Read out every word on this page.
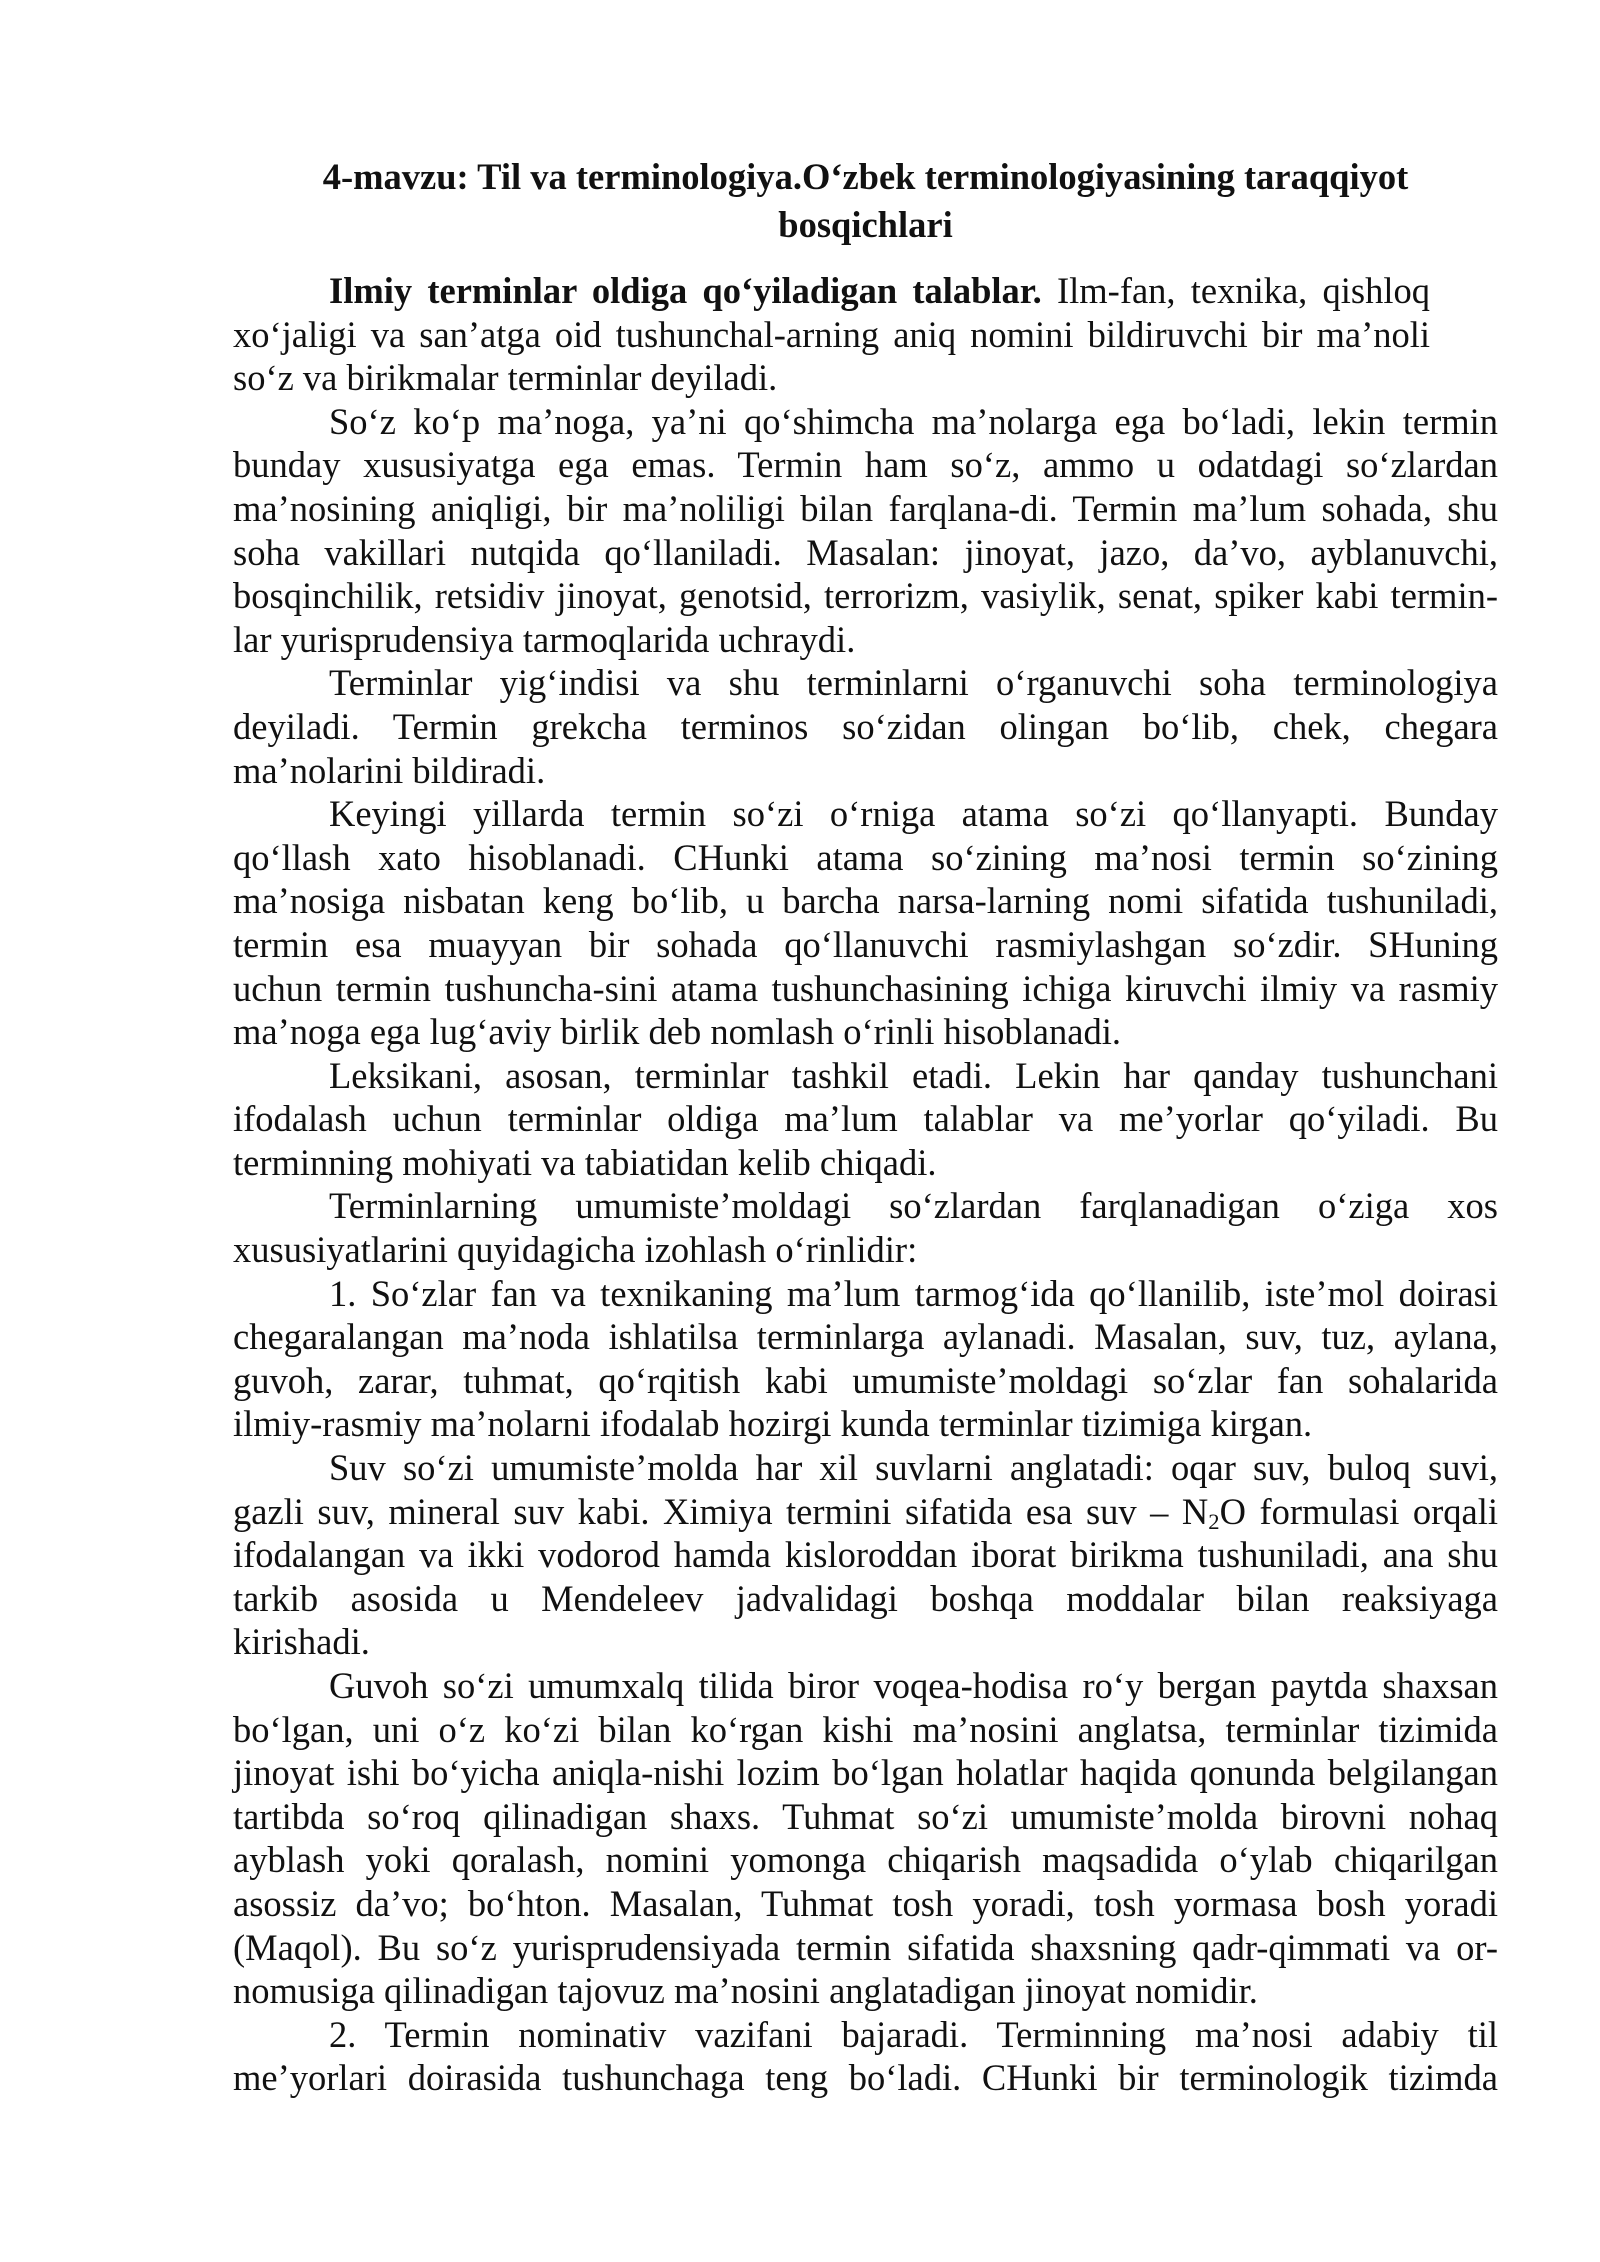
4-mavzu: Til va terminologiya.O‘zbek terminologiyasining taraqqiyot
bosqichlari
Ilmiy terminlar oldiga qo‘yiladigan talablar. Ilm-fan, texnika, qishloq
xo‘jaligi va san’atga oid tushunchal-arning aniq nomini bildiruvchi bir ma’noli
so‘z va birikmalar terminlar deyiladi.
So‘z ko‘p ma’noga, ya’ni qo‘shimcha ma’nolarga ega bo‘ladi, lekin termin
bunday xususiyatga ega emas. Termin ham so‘z, ammo u odatdagi so‘zlardan
ma’nosining aniqligi, bir ma’noliligi bilan farqlana-di. Termin ma’lum sohada, shu
soha vakillari nutqida qo‘llaniladi. Masalan: jinoyat, jazo, da’vo, ayblanuvchi,
bosqinchilik, retsidiv jinoyat, genotsid, terrorizm, vasiylik, senat, spiker kabi termin-
lar yurisprudensiya tarmoqlarida uchraydi.
Terminlar yig‘indisi va shu terminlarni o‘rganuvchi soha terminologiya
deyiladi. Termin grekcha terminos so‘zidan olingan bo‘lib, chek, chegara
ma’nolarini bildiradi.
Keyingi yillarda termin so‘zi o‘rniga atama so‘zi qo‘llanyapti. Bunday
qo‘llash xato hisoblanadi. CHunki atama so‘zining ma’nosi termin so‘zining
ma’nosiga nisbatan keng bo‘lib, u barcha narsa-larning nomi sifatida tushuniladi,
termin esa muayyan bir sohada qo‘llanuvchi rasmiylashgan so‘zdir. SHuning
uchun termin tushuncha-sini atama tushunchasining ichiga kiruvchi ilmiy va rasmiy
ma’noga ega lug‘aviy birlik deb nomlash o‘rinli hisoblanadi.
Leksikani, asosan, terminlar tashkil etadi. Lekin har qanday tushunchani
ifodalash uchun terminlar oldiga ma’lum talablar va me’yorlar qo‘yiladi. Bu
terminning mohiyati va tabiatidan kelib chiqadi.
Terminlarning umumiste’moldagi so‘zlardan farqlanadigan o‘ziga xos
xususiyatlarini quyidagicha izohlash o‘rinlidir:
1. So‘zlar fan va texnikaning ma’lum tarmog‘ida qo‘llanilib, iste’mol doirasi
chegaralangan ma’noda ishlatilsa terminlarga aylanadi. Masalan, suv, tuz, aylana,
guvoh, zarar, tuhmat, qo‘rqitish kabi umumiste’moldagi so‘zlar fan sohalarida
ilmiy-rasmiy ma’nolarni ifodalab hozirgi kunda terminlar tizimiga kirgan.
Suv so‘zi umumiste’molda har xil suvlarni anglatadi: oqar suv, buloq suvi,
gazli suv, mineral suv kabi. Ximiya termini sifatida esa suv – $N_2O$ formulasi orqali
ifodalangan va ikki vodorod hamda kisloroddan iborat birikma tushuniladi, ana shu
tarkib asosida u Mendeleev jadvalidagi boshqa moddalar bilan reaksiyaga
kirishadi.
Guvoh so‘zi umumxalq tilida biror voqea-hodisa ro‘y bergan paytda shaxsan
bo‘lgan, uni o‘z ko‘zi bilan ko‘rgan kishi ma’nosini anglatsa, terminlar tizimida
jinoyat ishi bo‘yicha aniqla-nishi lozim bo‘lgan holatlar haqida qonunda belgilangan
tartibda so‘roq qilinadigan shaxs. Tuhmat so‘zi umumiste’molda birovni nohaq
ayblash yoki qoralash, nomini yomonga chiqarish maqsadida o‘ylab chiqarilgan
asossiz da’vo; bo‘hton. Masalan, Tuhmat tosh yoradi, tosh yormasa bosh yoradi
(Maqol). Bu so‘z yurisprudensiyada termin sifatida shaxsning qadr-qimmati va or-
nomusiga qilinadigan tajovuz ma’nosini anglatadigan jinoyat nomidir.
2. Termin nominativ vazifani bajaradi. Terminning ma’nosi adabiy til
me’yorlari doirasida tushunchaga teng bo‘ladi. CHunki bir terminologik tizimda
